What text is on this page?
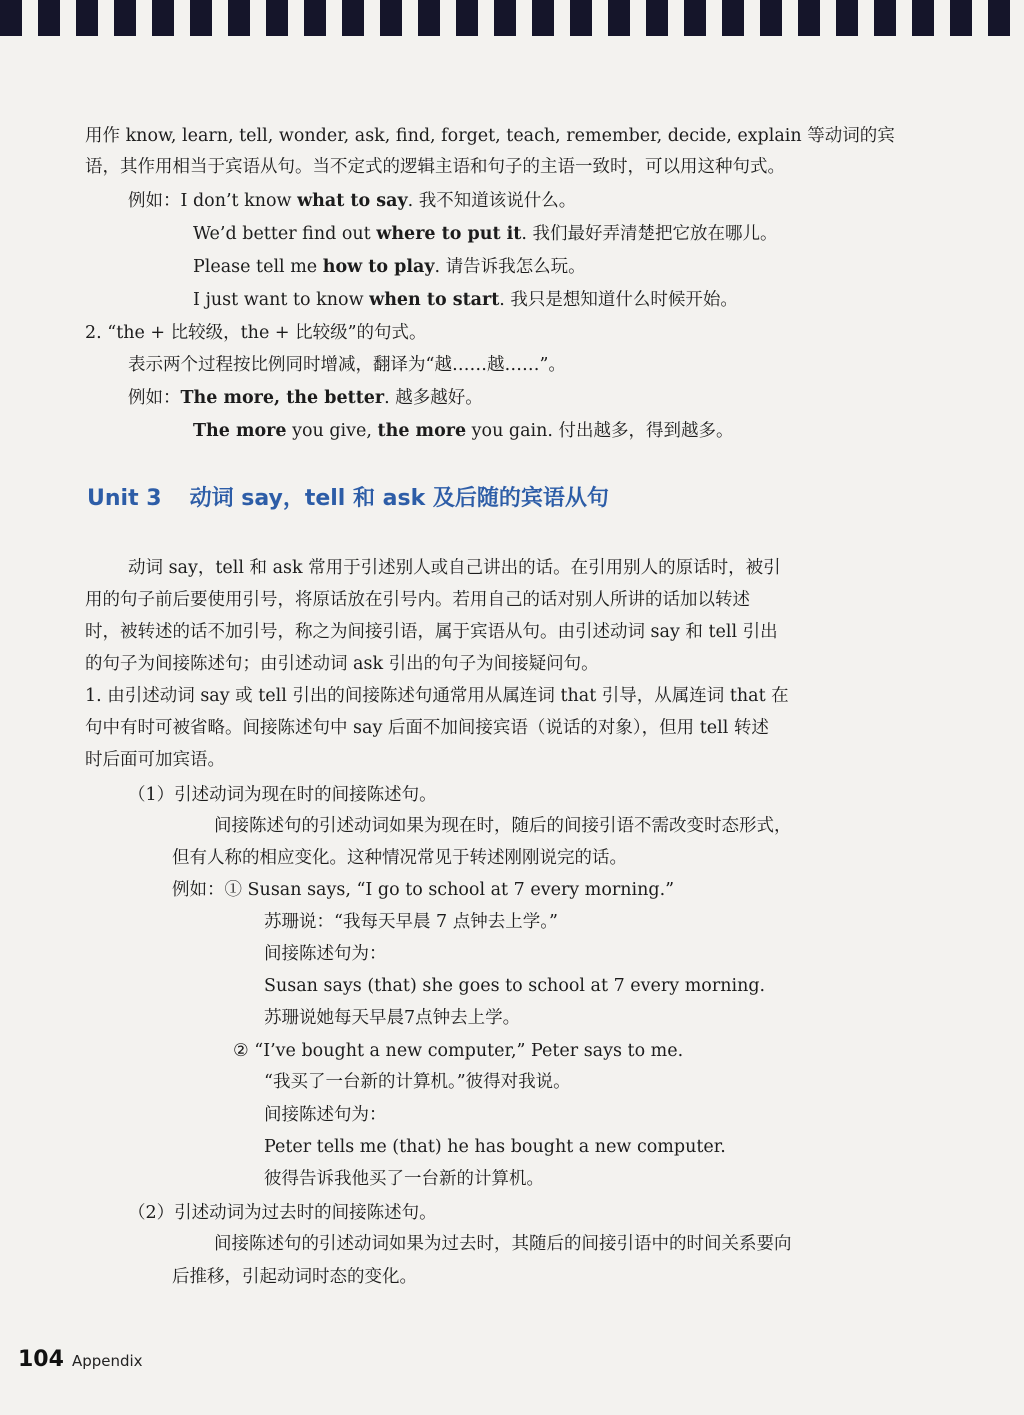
用作 know, learn, tell, wonder, ask, find, forget, teach, remember, decide, explain 等动词的宾
语，其作用相当于宾语从句。当不定式的逻辑主语和句子的主语一致时，可以用这种句式。
例如：I don’t know what to say. 我不知道该说什么。
We’d better find out where to put it. 我们最好弄清楚把它放在哪儿。
Please tell me how to play. 请告诉我怎么玩。
I just want to know when to start. 我只是想知道什么时候开始。
2. “the + 比较级，the + 比较级”的句式。
表示两个过程按比例同时增减，翻译为“越……越……”。
例如：The more, the better. 越多越好。
The more you give, the more you gain. 付出越多，得到越多。
Unit 3 动词 say，tell 和 ask 及后随的宾语从句
动词 say，tell 和 ask 常用于引述别人或自己讲出的话。在引用别人的原话时，被引
用的句子前后要使用引号，将原话放在引号内。若用自己的话对别人所讲的话加以转述
时，被转述的话不加引号，称之为间接引语，属于宾语从句。由引述动词 say 和 tell 引出
的句子为间接陈述句；由引述动词 ask 引出的句子为间接疑问句。
1. 由引述动词 say 或 tell 引出的间接陈述句通常用从属连词 that 引导，从属连词 that 在
句中有时可被省略。间接陈述句中 say 后面不加间接宾语（说话的对象），但用 tell 转述
时后面可加宾语。
（1）引述动词为现在时的间接陈述句。
间接陈述句的引述动词如果为现在时，随后的间接引语不需改变时态形式，
但有人称的相应变化。这种情况常见于转述刚刚说完的话。
例如：① Susan says, “I go to school at 7 every morning.”
苏珊说：“我每天早晨 7 点钟去上学。”
间接陈述句为：
Susan says (that) she goes to school at 7 every morning.
苏珊说她每天早晨7点钟去上学。
② “I’ve bought a new computer,” Peter says to me.
“我买了一台新的计算机。”彼得对我说。
间接陈述句为：
Peter tells me (that) he has bought a new computer.
彼得告诉我他买了一台新的计算机。
（2）引述动词为过去时的间接陈述句。
间接陈述句的引述动词如果为过去时，其随后的间接引语中的时间关系要向
后推移，引起动词时态的变化。
104 Appendix
